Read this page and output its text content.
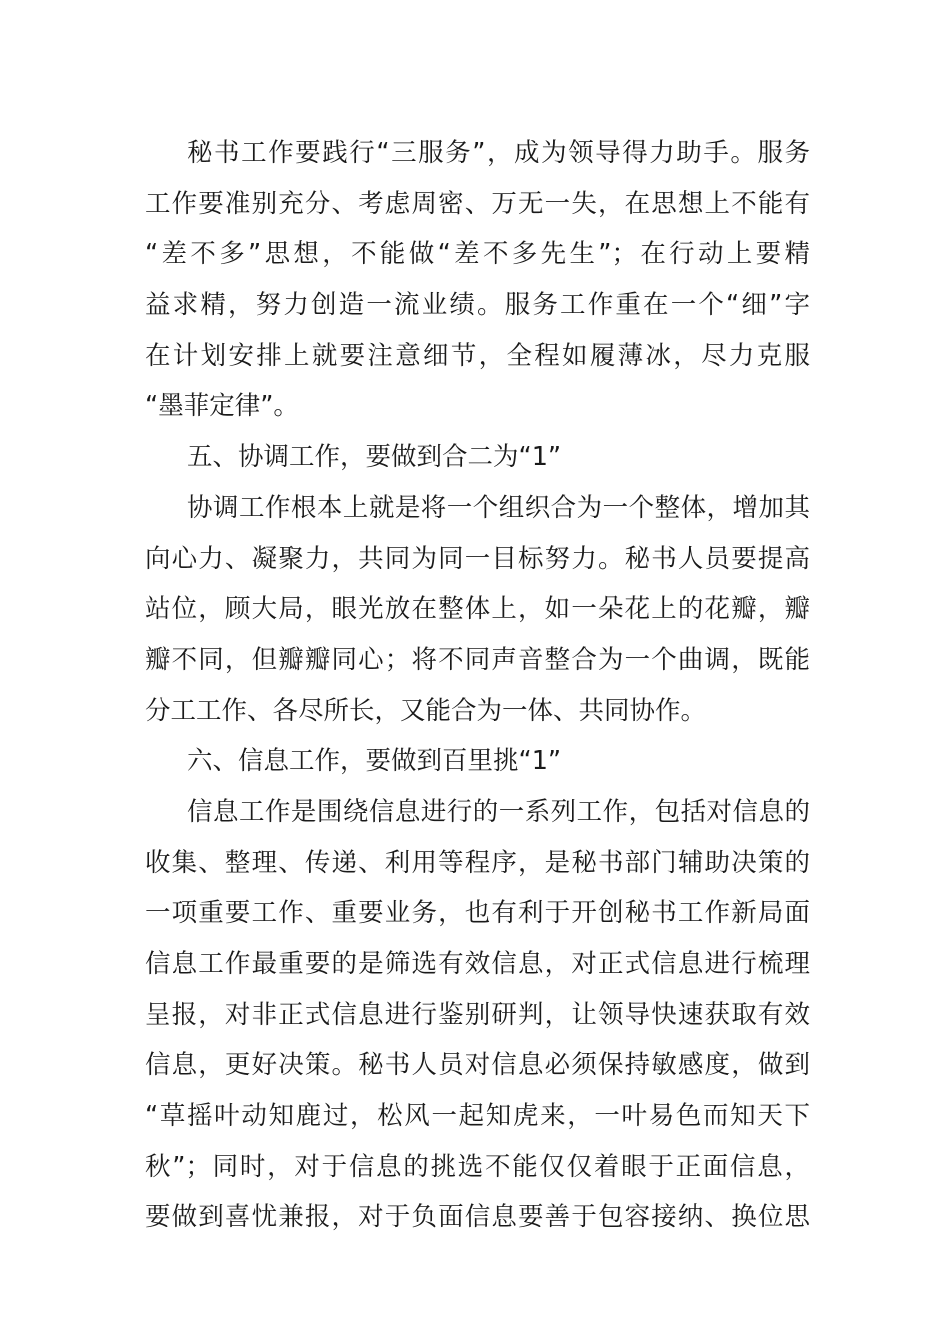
秘书工作要践行“三服务”，成为领导得力助手。服务
工作要准别充分、考虑周密、万无一失，在思想上不能有
“差不多”思想，不能做“差不多先生”；在行动上要精
益求精，努力创造一流业绩。服务工作重在一个“细”字
在计划安排上就要注意细节，全程如履薄冰，尽力克服
“墨菲定律”。
五、协调工作，要做到合二为“1”
协调工作根本上就是将一个组织合为一个整体，增加其
向心力、凝聚力，共同为同一目标努力。秘书人员要提高
站位，顾大局，眼光放在整体上，如一朵花上的花瓣，瓣
瓣不同，但瓣瓣同心；将不同声音整合为一个曲调，既能
分工工作、各尽所长，又能合为一体、共同协作。
六、信息工作，要做到百里挑“1”
信息工作是围绕信息进行的一系列工作，包括对信息的
收集、整理、传递、利用等程序，是秘书部门辅助决策的
一项重要工作、重要业务，也有利于开创秘书工作新局面
信息工作最重要的是筛选有效信息，对正式信息进行梳理
呈报，对非正式信息进行鉴别研判，让领导快速获取有效
信息，更好决策。秘书人员对信息必须保持敏感度，做到
“草摇叶动知鹿过，松风一起知虎来，一叶易色而知天下
秋”；同时，对于信息的挑选不能仅仅着眼于正面信息，
要做到喜忧兼报，对于负面信息要善于包容接纳、换位思
